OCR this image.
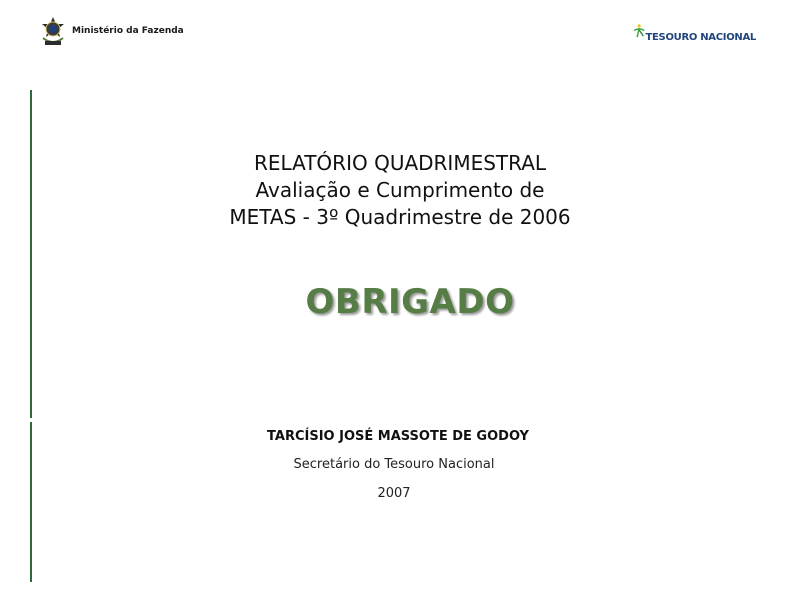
Ministério da Fazenda
TESOURO NACIONAL
RELATÓRIO QUADRIMESTRAL
Avaliação e Cumprimento de
METAS - 3º Quadrimestre de 2006
OBRIGADO
TARCÍSIO JOSÉ MASSOTE DE GODOY
Secretário do Tesouro Nacional
2007
